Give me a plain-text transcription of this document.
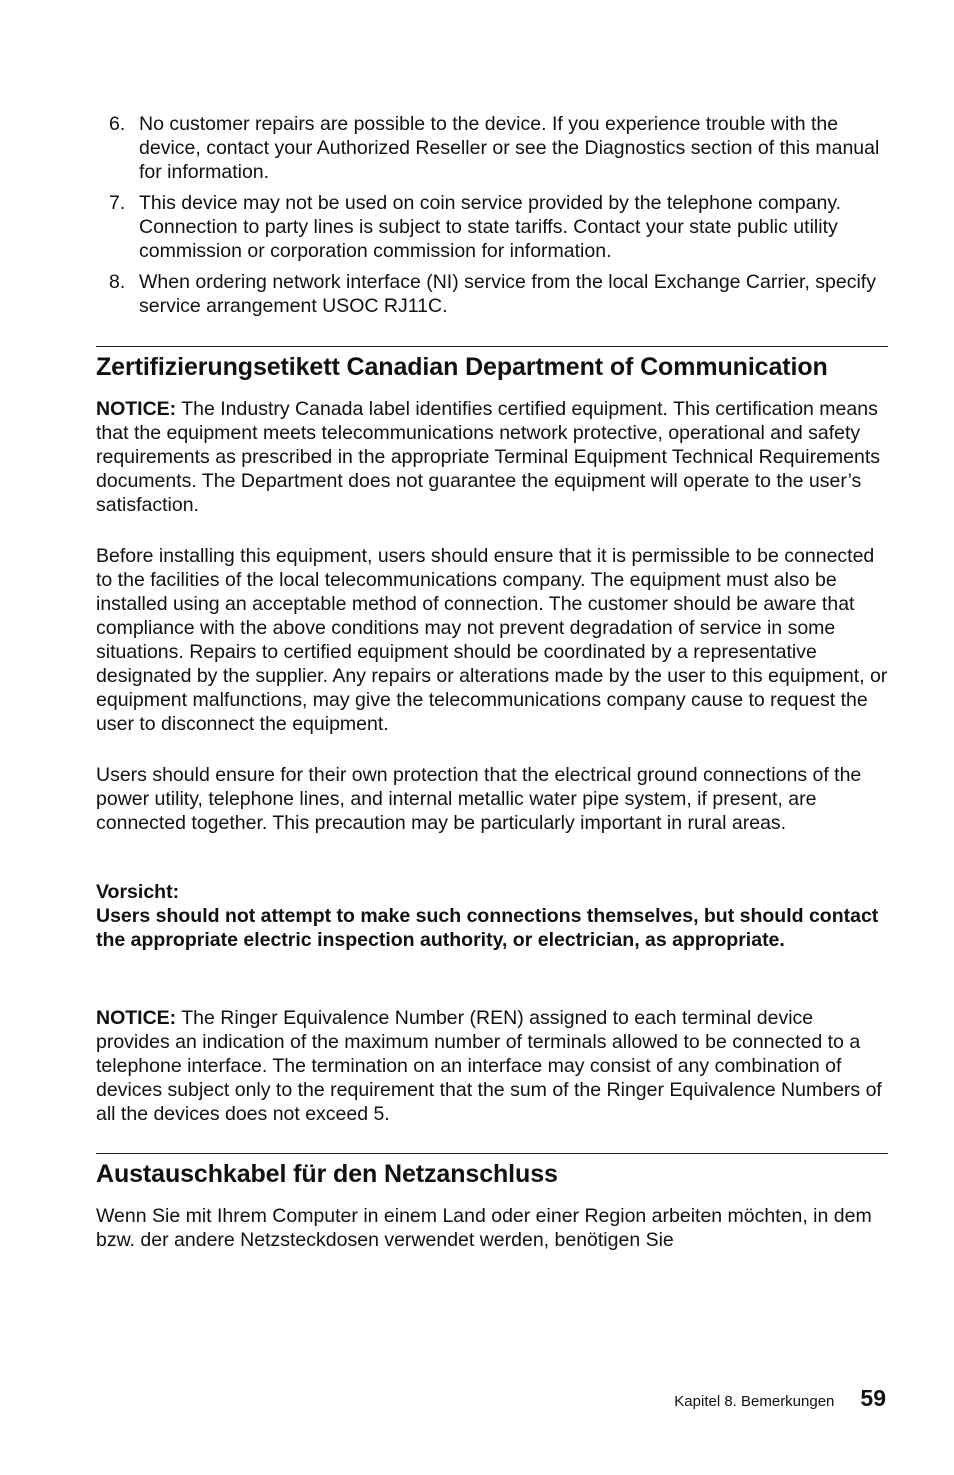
6. No customer repairs are possible to the device. If you experience trouble with the device, contact your Authorized Reseller or see the Diagnostics section of this manual for information.
7. This device may not be used on coin service provided by the telephone company. Connection to party lines is subject to state tariffs. Contact your state public utility commission or corporation commission for information.
8. When ordering network interface (NI) service from the local Exchange Carrier, specify service arrangement USOC RJ11C.
Zertifizierungsetikett Canadian Department of Communication

NOTICE: The Industry Canada label identifies certified equipment. This certification means that the equipment meets telecommunications network protective, operational and safety requirements as prescribed in the appropriate Terminal Equipment Technical Requirements documents. The Department does not guarantee the equipment will operate to the user’s satisfaction.

Before installing this equipment, users should ensure that it is permissible to be connected to the facilities of the local telecommunications company. The equipment must also be installed using an acceptable method of connection. The customer should be aware that compliance with the above conditions may not prevent degradation of service in some situations. Repairs to certified equipment should be coordinated by a representative designated by the supplier. Any repairs or alterations made by the user to this equipment, or equipment malfunctions, may give the telecommunications company cause to request the user to disconnect the equipment.

Users should ensure for their own protection that the electrical ground connections of the power utility, telephone lines, and internal metallic water pipe system, if present, are connected together. This precaution may be particularly important in rural areas.

Vorsicht:
Users should not attempt to make such connections themselves, but should contact the appropriate electric inspection authority, or electrician, as appropriate.

NOTICE: The Ringer Equivalence Number (REN) assigned to each terminal device provides an indication of the maximum number of terminals allowed to be connected to a telephone interface. The termination on an interface may consist of any combination of devices subject only to the requirement that the sum of the Ringer Equivalence Numbers of all the devices does not exceed 5.

Austauschkabel für den Netzanschluss

Wenn Sie mit Ihrem Computer in einem Land oder einer Region arbeiten möchten, in dem bzw. der andere Netzsteckdosen verwendet werden, benötigen Sie

Kapitel 8. Bemerkungen 59
